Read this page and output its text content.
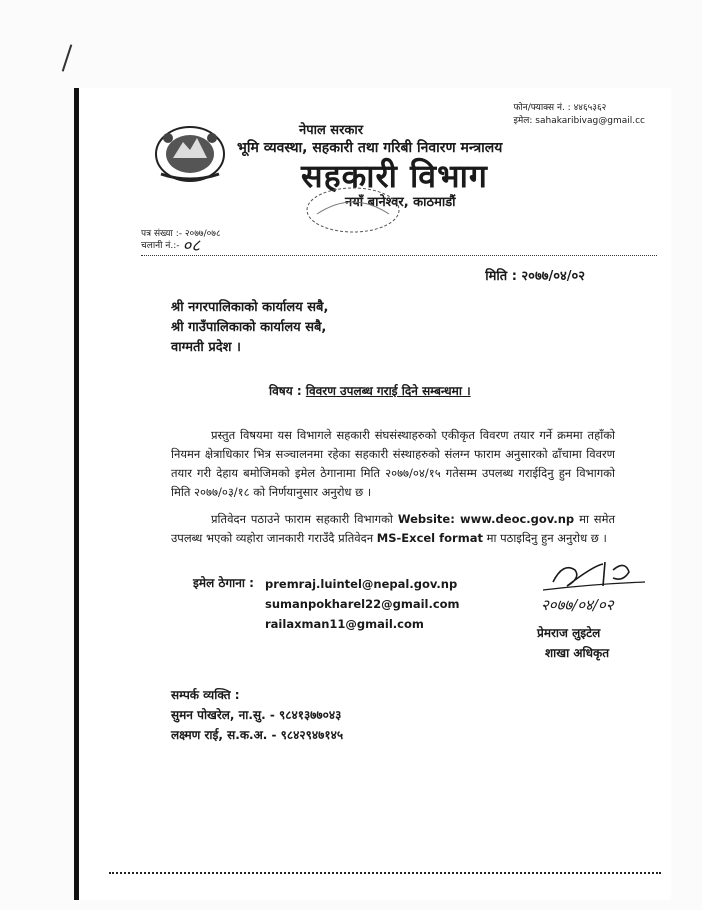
फोन/फ्याक्स नं. : ४४६५३६२
इमेल: sahakaribivag@gmail.cc
नेपाल सरकार
भूमि व्यवस्था, सहकारी तथा गरिबी निवारण मन्त्रालय
सहकारी विभाग
नयाँ बानेश्वर, काठमाडौं
पत्र संख्या :- २०७७/०७८
चलानी नं.:- ०८
मिति : २०७७/०४/०२
श्री नगरपालिकाको कार्यालय सबै,
श्री गाउँपालिकाको कार्यालय सबै,
वाग्मती प्रदेश ।
विषय : विवरण उपलब्ध गराई दिने सम्बन्धमा ।
प्रस्तुत विषयमा यस विभागले सहकारी संघसंस्थाहरुको एकीकृत विवरण तयार गर्ने क्रममा तहाँको नियमन क्षेत्राधिकार भित्र सञ्चालनमा रहेका सहकारी संस्थाहरुको संलग्न फाराम अनुसारको ढाँचामा विवरण तयार गरी देहाय बमोजिमको इमेल ठेगानामा मिति २०७७/०४/१५ गतेसम्म उपलब्ध गराईदिनु हुन विभागको मिति २०७७/०३/१८ को निर्णयानुसार अनुरोध छ ।
प्रतिवेदन पठाउने फाराम सहकारी विभागको Website: www.deoc.gov.np मा समेत उपलब्ध भएको व्यहोरा जानकारी गराउँदै प्रतिवेदन MS-Excel format मा पठाइदिनु हुन अनुरोध छ ।
इमेल ठेगाना : premraj.luintel@nepal.gov.np
sumanpokharel22@gmail.com
railaxman11@gmail.com
२०७७/०४/०२
प्रेमराज लुइटेल
शाखा अधिकृत
सम्पर्क व्यक्ति :
सुमन पोखरेल, ना.सु. - ९८४१३७७०४३
लक्ष्मण राई, स.क.अ. - ९८४२९४७१४५
